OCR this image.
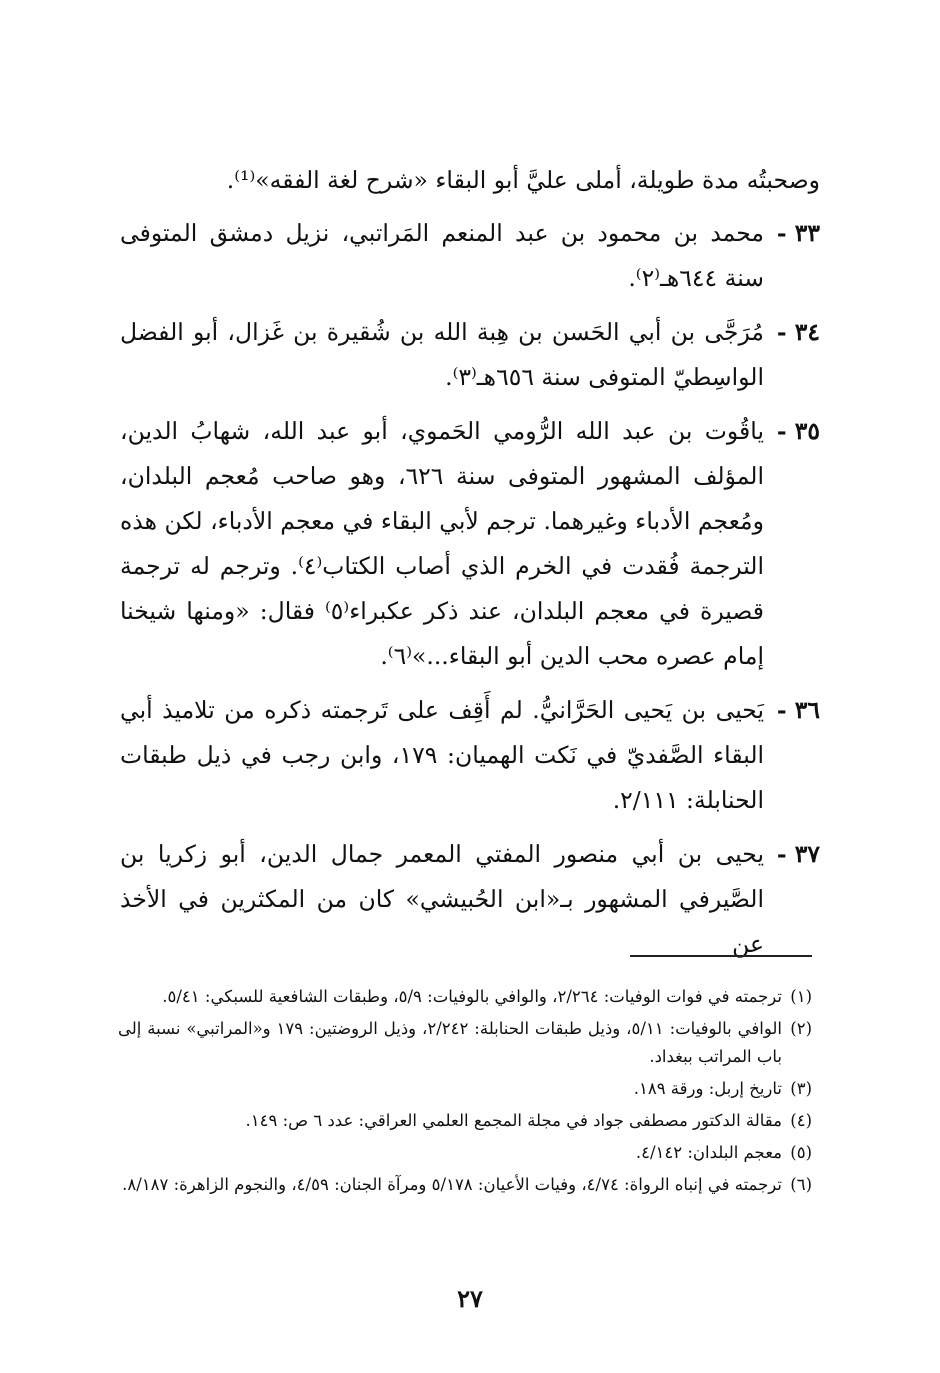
وصحبتُه مدة طويلة، أملى عليَّ أبو البقاء «شرح لغة الفقه»⁽¹⁾.

٣٣ -
محمد بن محمود بن عبد المنعم المَراتبي، نزيل دمشق المتوفى سنة ٦٤٤هـ⁽٢⁾.
٣٤ -
مُرَجَّى بن أبي الحَسن بن هِبة الله بن شُقيرة بن غَزال، أبو الفضل الواسِطيّ المتوفى سنة ٦٥٦هـ⁽٣⁾.
٣٥ -
ياقُوت بن عبد الله الرُّومي الحَموي، أبو عبد الله، شهابُ الدين، المؤلف المشهور المتوفى سنة ٦٢٦، وهو صاحب مُعجم البلدان، ومُعجم الأدباء وغيرهما. ترجم لأبي البقاء في معجم الأدباء، لكن هذه الترجمة فُقدت في الخرم الذي أصاب الكتاب⁽٤⁾. وترجم له ترجمة قصيرة في معجم البلدان، عند ذكر عكبراء⁽٥⁾ فقال: «ومنها شيخنا إمام عصره محب الدين أبو البقاء...»⁽٦⁾.
٣٦ -
يَحيى بن يَحيى الحَرَّانيُّ. لم أَقِف على تَرجمته ذكره من تلاميذ أبي البقاء الصَّفديّ في نَكت الهميان: ١٧٩، وابن رجب في ذيل طبقات الحنابلة: ٢/١١١.
٣٧ -
يحيى بن أبي منصور المفتي المعمر جمال الدين، أبو زكريا بن الصَّيرفي المشهور بـ«ابن الحُبيشي» كان من المكثرين في الأخذ عن
(١)
ترجمته في فوات الوفيات: ٢/٢٦٤، والوافي بالوفيات: ٥/٩، وطبقات الشافعية للسبكي: ٥/٤١.
(٢)
الوافي بالوفيات: ٥/١١، وذيل طبقات الحنابلة: ٢/٢٤٢، وذيل الروضتين: ١٧٩ و«المراتبي» نسبة إلى باب المراتب ببغداد.
(٣)
تاريخ إربل: ورقة ١٨٩.
(٤)
مقالة الدكتور مصطفى جواد في مجلة المجمع العلمي العراقي: عدد ٦ ص: ١٤٩.
(٥)
معجم البلدان: ٤/١٤٢.
(٦)
ترجمته في إنباه الرواة: ٤/٧٤، وفيات الأعيان: ٥/١٧٨ ومرآة الجنان: ٤/٥٩، والنجوم الزاهرة: ٨/١٨٧.
٢٧
